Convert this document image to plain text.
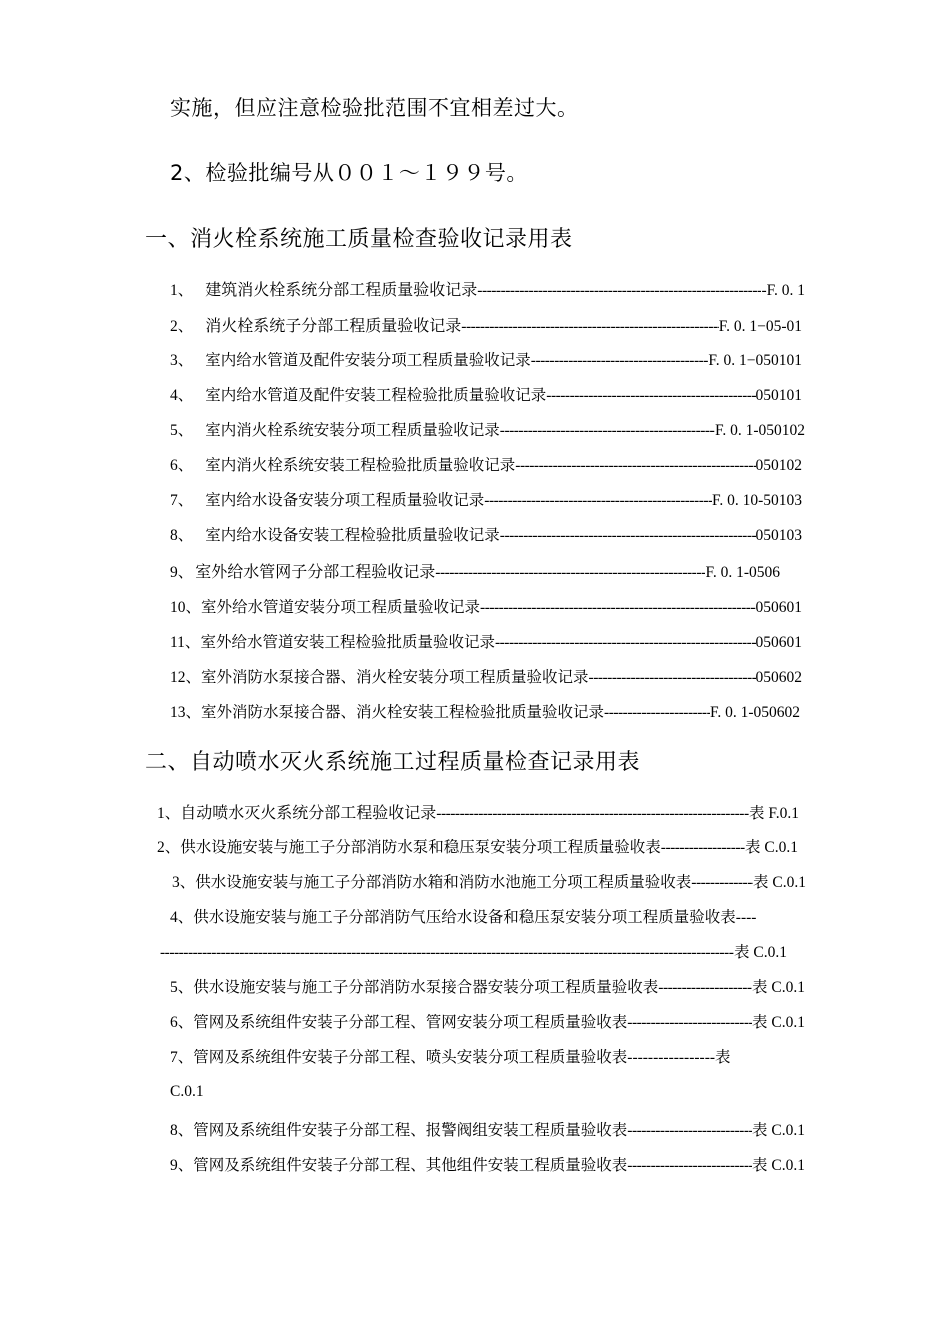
实施，但应注意检验批范围不宜相差过大。
2、检验批编号从００１～１９９号。
一、消火栓系统施工质量检查验收记录用表
1、 建筑消火栓系统分部工程质量验收记录 -----	-F. 0. 1
2、 消火栓系统子分部工程质量验收记录 -----	F. 0. 1−05-01
3、 室内给水管道及配件安装分项工程质量验收记录 -----	F. 0. 1−050101
4、 室内给水管道及配件安装工程检验批质量验收记录 -----	050101
5、 室内消火栓系统安装分项工程质量验收记录 -----	F. 0. 1-050102
6、 室内消火栓系统安装工程检验批质量验收记录 -----	050102
7、 室内给水设备安装分项工程质量验收记录 -----	F. 0. 10-50103
8、 室内给水设备安装工程检验批质量验收记录 -----	050103
9、 室外给水管网子分部工程验收记录 -----	F. 0. 1-0506
10、 室外给水管道安装分项工程质量验收记录 -----	050601
11、 室外给水管道安装工程检验批质量验收记录 -----	050601
12、 室外消防水泵接合器、消火栓安装分项工程质量验收记录 -----	050602
13、 室外消防水泵接合器、消火栓安装工程检验批质量验收记录 -----	F. 0. 1-050602
二、自动喷水灭火系统施工过程质量检查记录用表
1、 自动喷水灭火系统分部工程验收记录 -----	表 F.0.1
2、 供水设施安装与施工子分部消防水泵和稳压泵安装分项工程质量验收表 -----	表 C.0.1
3、 供水设施安装与施工子分部消防水箱和消防水池施工分项工程质量验收表 -----	表 C.0.1
4、供水设施安装与施工子分部消防气压给水设备和稳压泵安装分项工程质量验收表----
-----
表 C.0.1
5、 供水设施安装与施工子分部消防水泵接合器安装分项工程质量验收表 -----	表 C.0.1
6、 管网及系统组件安装子分部工程、管网安装分项工程质量验收表 -----	表 C.0.1
7、管网及系统组件安装子分部工程、喷头安装分项工程质量验收表-----------------表
C.0.1
8、 管网及系统组件安装子分部工程、报警阀组安装工程质量验收表 -----	表 C.0.1
9、 管网及系统组件安装子分部工程、其他组件安装工程质量验收表 -----	表 C.0.1
